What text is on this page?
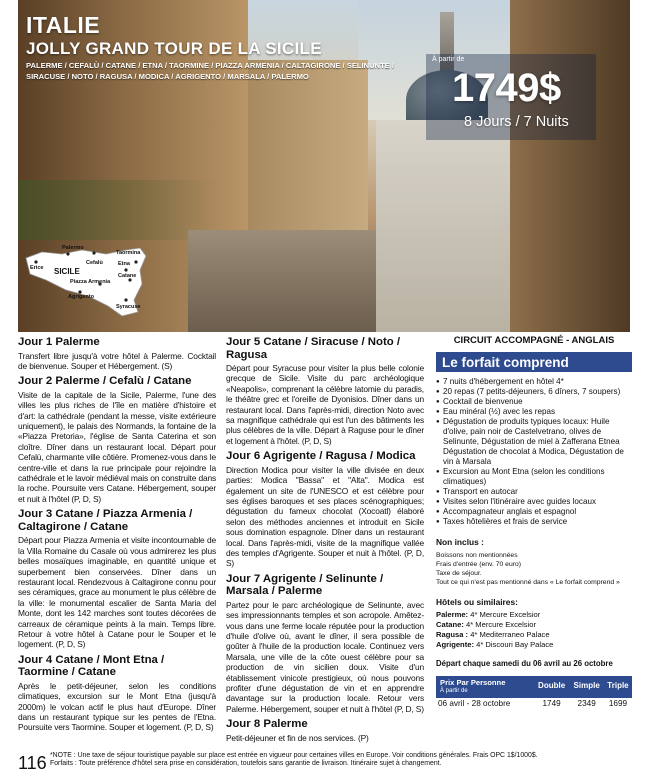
ITALIE
JOLLY GRAND TOUR DE LA SICILE
PALERME / CEFALÙ / CATANE / ETNA / TAORMINE / PIAZZA ARMENIA / CALTAGIRONE / SELINUNTE / SIRACUSE / NOTO / RAGUSA / MODICA / AGRIGENTO / MARSALA / PALERMO
À partir de
1749$
8 Jours / 7 Nuits
Palermo
Cefalù
Taormina
Erice
Etna
Catane
Piazza Armenia
Agrigento
Syracuse
SICILE
Jour 1 Palerme
Transfert libre jusqu'à votre hôtel à Palerme. Cocktail de bienvenue. Souper et Hébergement. (S)
Jour 2 Palerme / Cefalù / Catane
Visite de la capitale de la Sicile, Palerme, l'une des villes les plus riches de l'île en matière d'histoire et d'art: la cathédrale (pendant la messe, visite extérieure uniquement), le palais des Normands, la fontaine de la «Piazza Pretoria», l'église de Santa Caterina et son cloître. Dîner dans un restaurant local. Départ pour Cefalù, charmante ville côtière. Promenez-vous dans le centre-ville et dans la rue principale pour rejoindre la cathédrale et le lavoir médiéval mais on construite dans la roche. Poursuite vers Catane. Hébergement, souper et nuit à l'hôtel (P, D, S)
Jour 3 Catane / Piazza Armenia / Caltagirone / Catane
Départ pour Piazza Armenia et visite incontournable de la Villa Romaine du Casale où vous admirerez les plus belles mosaïques imaginable, en quantité unique et superbement bien conservées. Dîner dans un restaurant local. Rendezvous à Caltagirone connu pour ses céramiques, grace au monument le plus célèbre de la ville: le monumental escalier de Santa Maria del Monte, dont les 142 marches sont toutes décorées de carreaux de céramique peints à la main. Temps libre. Retour à votre hôtel à Catane pour le Souper et le logement. (P, D, S)
Jour 4 Catane / Mont Etna / Taormine / Catane
Après le petit-déjeuner, selon les conditions climatiques, excursion sur le Mont Etna (jusqu'à 2000m) le volcan actif le plus haut d'Europe. Dîner dans un restaurant typique sur les pentes de l'Etna. Poursuite vers Taormine. Souper et logement. (P, D, S)
Jour 5 Catane / Siracuse / Noto / Ragusa
Départ pour Syracuse pour visiter la plus belle colonie grecque de Sicile. Visite du parc archéologique «Neapolis», comprenant la célèbre latomie du paradis, le théâtre grec et l'oreille de Dyonisios. Dîner dans un restaurant local. Dans l'après-midi, direction Noto avec sa magnifique cathédrale qui est l'un des bâtiments les plus célèbres de la ville. Départ à Raguse pour le dîner et logement à l'hôtel. (P, D, S)
Jour 6 Agrigente / Ragusa / Modica
Direction Modica pour visiter la ville divisée en deux parties: Modica "Bassa" et "Alta". Modica est également un site de l'UNESCO et est célèbre pour ses églises baroques et ses places scénographiques; dégustation du fameux chocolat (Xocoatl) élaboré selon des méthodes anciennes et introduit en Sicile sous domination espagnole. Dîner dans un restaurant local. Dans l'après-midi, visite de la magnifique vallée des temples d'Agrigente. Souper et nuit à l'hôtel. (P, D, S)
Jour 7 Agrigente / Selinunte / Marsala / Palerme
Partez pour le parc archéologique de Selinunte, avec ses impressionnants temples et son acropole. Amêtez-vous dans une ferme locale réputée pour la production d'huile d'olive où, avant le dîner, il sera possible de goûter à l'huile de la production locale. Continuez vers Marsala, une ville de la côte ouest célèbre pour sa production de vin sicilien doux. Visite d'un établissement vinicole prestigieux, où nous pouvons profiter d'une dégustation de vin et en apprendre davantage sur la production locale. Retour vers Palerme. Hébergement, souper et nuit à l'hôtel (P, D, S)
Jour 8 Palerme
Petit-déjeuner et fin de nos services. (P)
CIRCUIT ACCOMPAGNÉ - ANGLAIS
Le forfait comprend
● 7 nuits d'hébergement en hôtel 4*
● 20 repas (7 petits-déjeuners, 6 dîners, 7 soupers)
● Cocktail de bienvenue
● Eau minéral (½) avec les repas
● Dégustation de produits typiques locaux: Huile d'olive, pain noir de Castelvetrano, olives de Selinunte, Dégustation de miel à Zafferana Etnea Dégustation de chocolat à Modica, Dégustation de vin à Marsala
● Excursion au Mont Etna (selon les conditions climatiques)
● Transport en autocar
● Visites selon l'itinéraire avec guides locaux
● Accompagnateur anglais et espagnol
● Taxes hôtelières et frais de service
Non inclus :
Boissons non mentionnées
Frais d'entrée (env. 70 euro)
Taxe de séjour.
Tout ce qui n'est pas mentionné dans « Le forfait comprend »
Hôtels ou similaires:
Palerme: 4* Mercure Excelsior
Catane: 4* Mercure Excelsior
Ragusa : 4* Mediterraneo Palace
Agrigente: 4* Discouri Bay Palace
Départ chaque samedi du 06 avril au 26 octobre
Prix Par Personne
À partir de	Double	Simple	Triple
06 avril - 28 octobre	1749	2349	1699
116 *NOTE : Une taxe de séjour touristique payable sur place est entrée en vigueur pour certaines villes en Europe. Voir conditions générales. Frais OPC 1$/1000$.
Forfaits : Toute préférence d'hôtel sera prise en considération, toutefois sans garantie de livraison. Itinéraire sujet à changement.
